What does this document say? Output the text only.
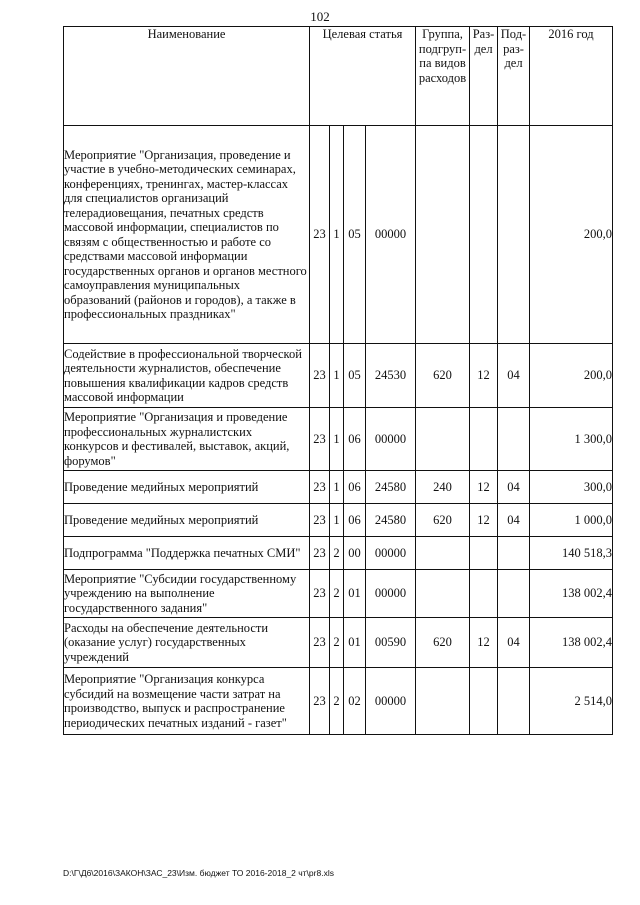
102
Наименование	Целевая статья				Группа, подгруп- па видов расходов	Раз- дел	Под- раз- дел	2016 год
Мероприятие "Организация, проведение и участие в учебно-методических семинарах, конференциях, тренингах, мастер-классах для специалистов организаций телерадиовещания, печатных средств массовой информации, специалистов по связям с общественностью и работе со средствами массовой информации государственных органов и органов местного самоуправления муниципальных образований (районов и городов), а также в профессиональных праздниках"	23	1	05	00000				200,0
Содействие в профессиональной творческой деятельности журналистов, обеспечение повышения квалификации кадров средств массовой информации	23	1	05	24530	620	12	04	200,0
Мероприятие "Организация и проведение профессиональных журналистских конкурсов и фестивалей, выставок, акций, форумов"	23	1	06	00000				1 300,0
Проведение медийных мероприятий	23	1	06	24580	240	12	04	300,0
Проведение медийных мероприятий	23	1	06	24580	620	12	04	1 000,0
Подпрограмма "Поддержка печатных СМИ"	23	2	00	00000				140 518,3
Мероприятие "Субсидии государственному учреждению на выполнение государственного задания"	23	2	01	00000				138 002,4
Расходы на обеспечение деятельности (оказание услуг) государственных учреждений	23	2	01	00590	620	12	04	138 002,4
Мероприятие "Организация конкурса субсидий на возмещение части затрат на производство, выпуск и распространение периодических печатных изданий - газет"	23	2	02	00000				2 514,0
D:\Г\Д6\2016\ЗАКОН\ЗАС_23\Изм. бюджет ТО 2016-2018_2 чт\pr8.xls
